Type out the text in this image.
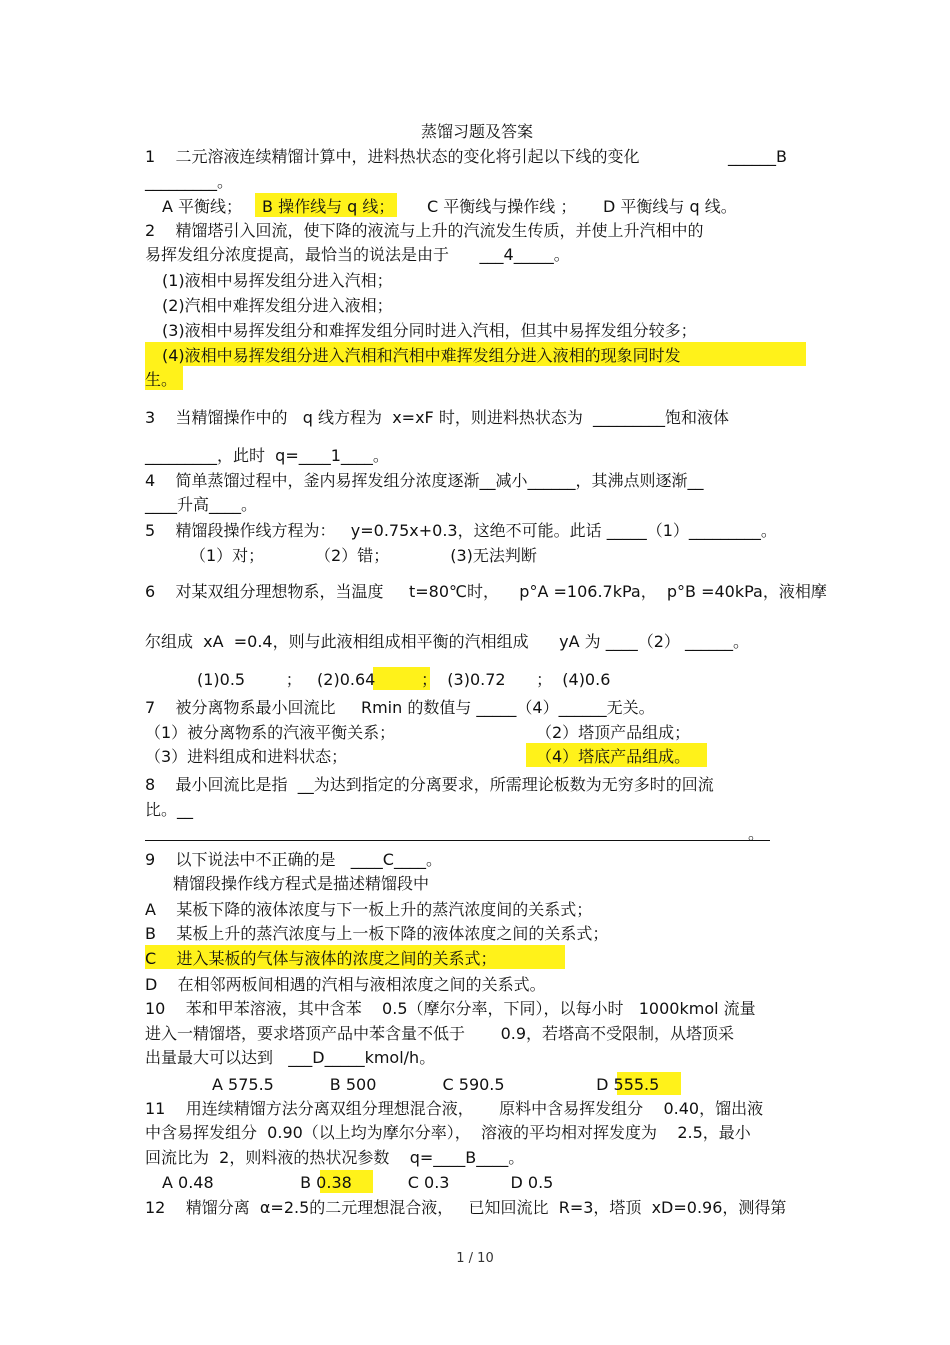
蒸馏习题及答案
1    二元溶液连续精馏计算中，进料热状态的变化将引起以下线的变化	______B
_________。
A 平衡线； B 操作线与 q 线； C 平衡线与操作线 ； D 平衡线与 q 线。
2    精馏塔引入回流，使下降的液流与上升的汽流发生传质，并使上升汽相中的
易挥发组分浓度提高，最恰当的说法是由于      ___4_____。
(1)液相中易挥发组分进入汽相；
(2)汽相中难挥发组分进入液相；
(3)液相中易挥发组分和难挥发组分同时进入汽相，但其中易挥发组分较多；
(4)液相中易挥发组分进入汽相和汽相中难挥发组分进入液相的现象同时发
生。
3    当精馏操作中的   q 线方程为  x=xF 时，则进料热状态为  _________饱和液体
_________，此时  q=____1____。
4    简单蒸馏过程中，釜内易挥发组分浓度逐渐__减小______，其沸点则逐渐__
____升高____。
5    精馏段操作线方程为：   y=0.75x+0.3，这绝不可能。此话 _____（1）_________。
（1）对；          （2）错；            (3)无法判断
6    对某双组分理想物系，当温度     t=80℃时，    p°A =106.7kPa，  p°B =40kPa，液相摩
尔组成  xA  =0.4，则与此液相组成相平衡的汽相组成      yA 为 ____（2） ______。
(1)0.5        ；   (2)0.64         ；  (3)0.72      ；  (4)0.6
7    被分离物系最小回流比     Rmin 的数值与 _____（4）______无关。
（1）被分离物系的汽液平衡关系；	（2）塔顶产品组成；
（3）进料组成和进料状态；	（4）塔底产品组成。
8    最小回流比是指  __为达到指定的分离要求，所需理论板数为无穷多时的回流
比。__
。
9    以下说法中不正确的是   ____C____。
精馏段操作线方程式是描述精馏段中
A    某板下降的液体浓度与下一板上升的蒸汽浓度间的关系式；
B    某板上升的蒸汽浓度与上一板下降的液体浓度之间的关系式；
C    进入某板的气体与液体的浓度之间的关系式；
D    在相邻两板间相遇的汽相与液相浓度之间的关系式。
10    苯和甲苯溶液，其中含苯    0.5（摩尔分率，下同），以每小时   1000kmol 流量
进入一精馏塔，要求塔顶产品中苯含量不低于       0.9，若塔高不受限制，从塔顶采
出量最大可以达到   ___D_____kmol/h。
A 575.5           B 500             C 590.5                  D 555.5
11    用连续精馏方法分离双组分理想混合液，     原料中含易挥发组分    0.40，馏出液
中含易挥发组分  0.90（以上均为摩尔分率），  溶液的平均相对挥发度为    2.5，最小
回流比为  2，则料液的热状况参数    q=____B____。
A 0.48                 B 0.38           C 0.3            D 0.5
12    精馏分离  α=2.5的二元理想混合液，   已知回流比  R=3，塔顶  xD=0.96，测得第
1 / 10
